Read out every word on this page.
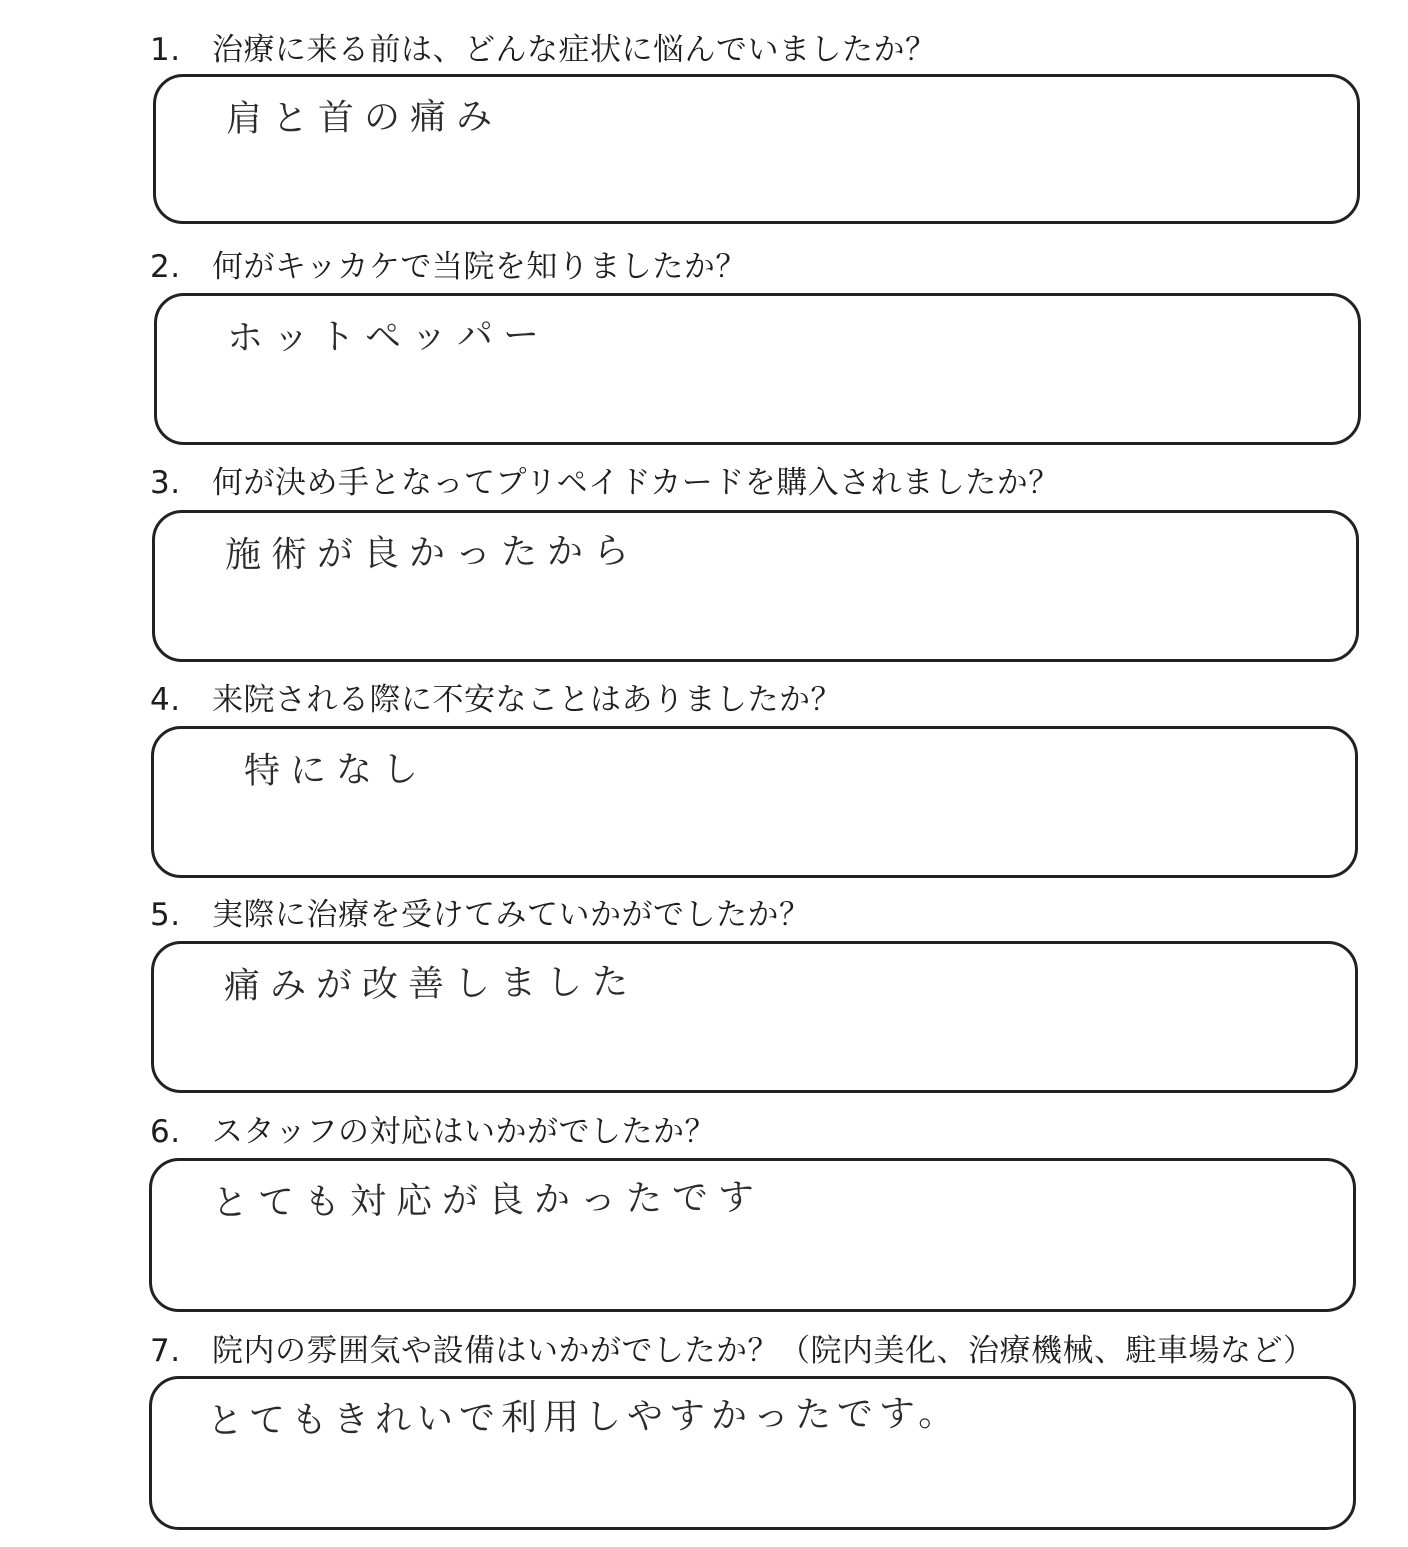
1. 治療に来る前は、どんな症状に悩んでいましたか？
肩と首の痛み
2. 何がキッカケで当院を知りましたか？
ホットペッパー
3. 何が決め手となってプリペイドカードを購入されましたか？
施術が良かったから
4. 来院される際に不安なことはありましたか？
特になし
5. 実際に治療を受けてみていかがでしたか？
痛みが改善しました
6. スタッフの対応はいかがでしたか？
とても対応が良かったです
7. 院内の雰囲気や設備はいかがでしたか？（院内美化、治療機械、駐車場など）
とてもきれいで利用しやすかったです。
